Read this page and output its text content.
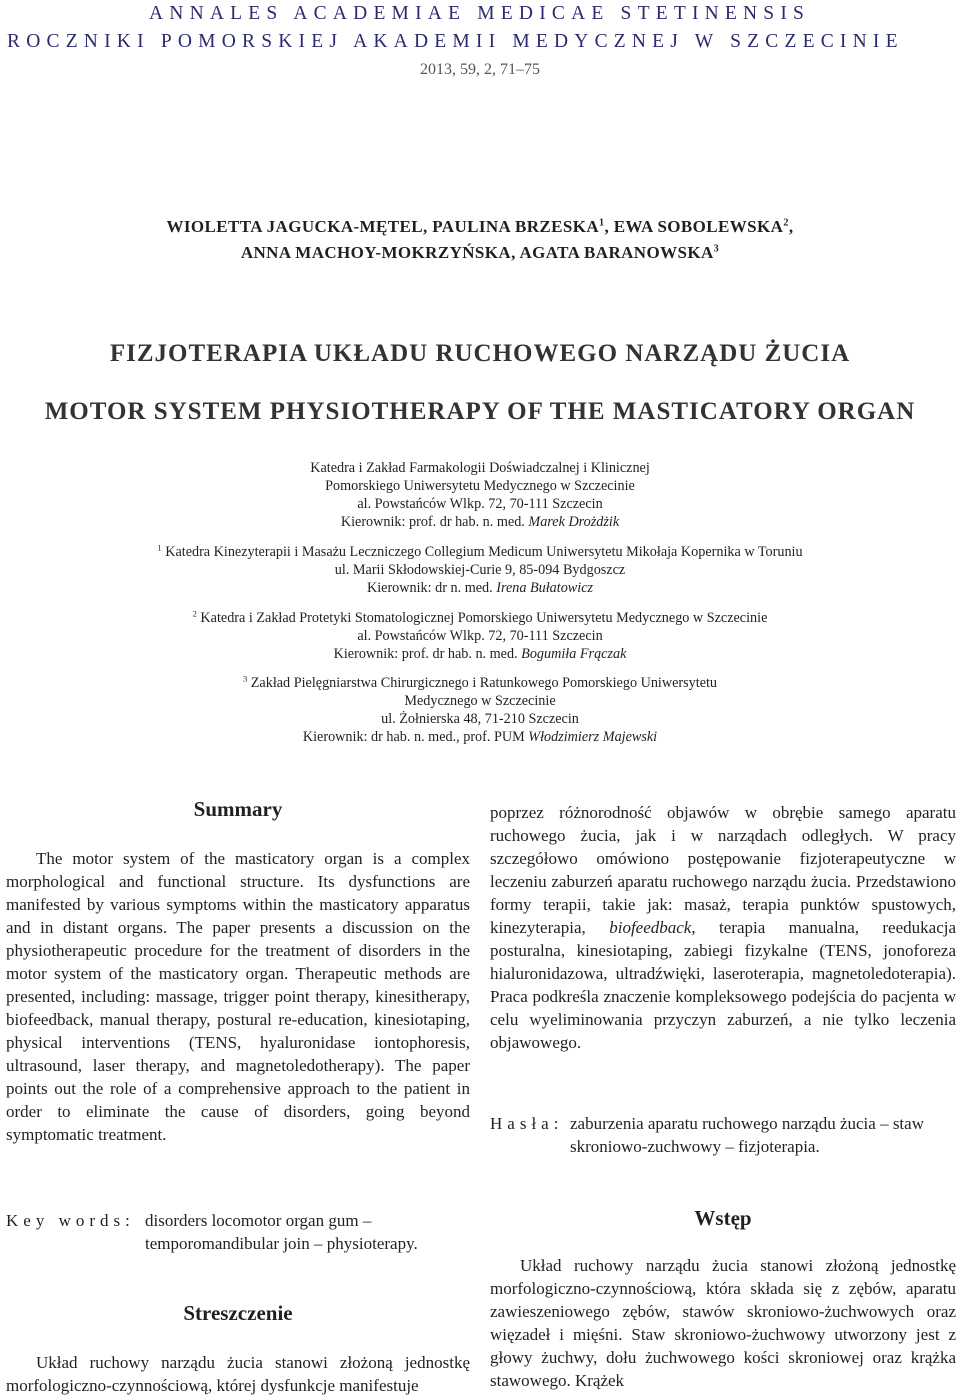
ANNALES ACADEMIAE MEDICAE STETINENSIS
ROCZNIKI POMORSKIEJ AKADEMII MEDYCZNEJ W SZCZECINIE
2013, 59, 2, 71–75
WIOLETTA JAGUCKA-MĘTEL, PAULINA BRZESKA$^1$, EWA SOBOLEWSKA$^2$,
ANNA MACHOY-MOKRZYŃSKA, AGATA BARANOWSKA$^3$
FIZJOTERAPIA UKŁADU RUCHOWEGO NARZĄDU ŻUCIA
MOTOR SYSTEM PHYSIOTHERAPY OF THE MASTICATORY ORGAN
Katedra i Zakład Farmakologii Doświadczalnej i Klinicznej
Pomorskiego Uniwersytetu Medycznego w Szczecinie
al. Powstańców Wlkp. 72, 70-111 Szczecin
Kierownik: prof. dr hab. n. med. Marek Drożdżik
$^1$ Katedra Kinezyterapii i Masażu Leczniczego Collegium Medicum Uniwersytetu Mikołaja Kopernika w Toruniu
ul. Marii Skłodowskiej-Curie 9, 85-094 Bydgoszcz
Kierownik: dr n. med. Irena Bułatowicz
$^2$ Katedra i Zakład Protetyki Stomatologicznej Pomorskiego Uniwersytetu Medycznego w Szczecinie
al. Powstańców Wlkp. 72, 70-111 Szczecin
Kierownik: prof. dr hab. n. med. Bogumiła Frączak
$^3$ Zakład Pielęgniarstwa Chirurgicznego i Ratunkowego Pomorskiego Uniwersytetu
Medycznego w Szczecinie
ul. Żołnierska 48, 71-210 Szczecin
Kierownik: dr hab. n. med., prof. PUM Włodzimierz Majewski
Summary

The motor system of the masticatory organ is a complex morphological and functional structure. Its dysfunctions are manifested by various symptoms within the masticatory apparatus and in distant organs. The paper presents a discussion on the physiotherapeutic procedure for the treatment of disorders in the motor system of the masticatory organ. Therapeutic methods are presented, including: massage, trigger point therapy, kinesitherapy, biofeedback, manual therapy, postural re-education, kinesiotaping, physical interventions (TENS, hyaluronidase iontophoresis, ultrasound, laser therapy, and magnetoledotherapy). The paper points out the role of a comprehensive approach to the patient in order to eliminate the cause of disorders, going beyond symptomatic treatment.

Key words: disorders locomotor organ gum – temporomandibular join – physioterapy.
Streszczenie

Układ ruchowy narządu żucia stanowi złożoną jednostkę morfologiczno-czynnościową, której dysfunkcje manifestuje

poprzez różnorodność objawów w obrębie samego aparatu ruchowego żucia, jak i w narządach odległych. W pracy szczegółowo omówiono postępowanie fizjoterapeutyczne w leczeniu zaburzeń aparatu ruchowego narządu żucia. Przedstawiono formy terapii, takie jak: masaż, terapia punktów spustowych, kinezyterapia, biofeedback, terapia manualna, reedukacja posturalna, kinesiotaping, zabiegi fizykalne (TENS, jonoforeza hialuronidazowa, ultradźwięki, laseroterapia, magnetoledoterapia). Praca podkreśla znaczenie kompleksowego podejścia do pacjenta w celu wyeliminowania przyczyn zaburzeń, a nie tylko leczenia objawowego.

Hasła: zaburzenia aparatu ruchowego narządu żucia – staw skroniowo-zuchwowy – fizjoterapia.
Wstęp

Układ ruchowy narządu żucia stanowi złożoną jednostkę morfologiczno-czynnościową, która składa się z zębów, aparatu zawieszeniowego zębów, stawów skroniowo-żuchwowych oraz więzadeł i mięśni. Staw skroniowo-żuchwowy utworzony jest z głowy żuchwy, dołu żuchwowego kości skroniowej oraz krążka stawowego. Krążek
